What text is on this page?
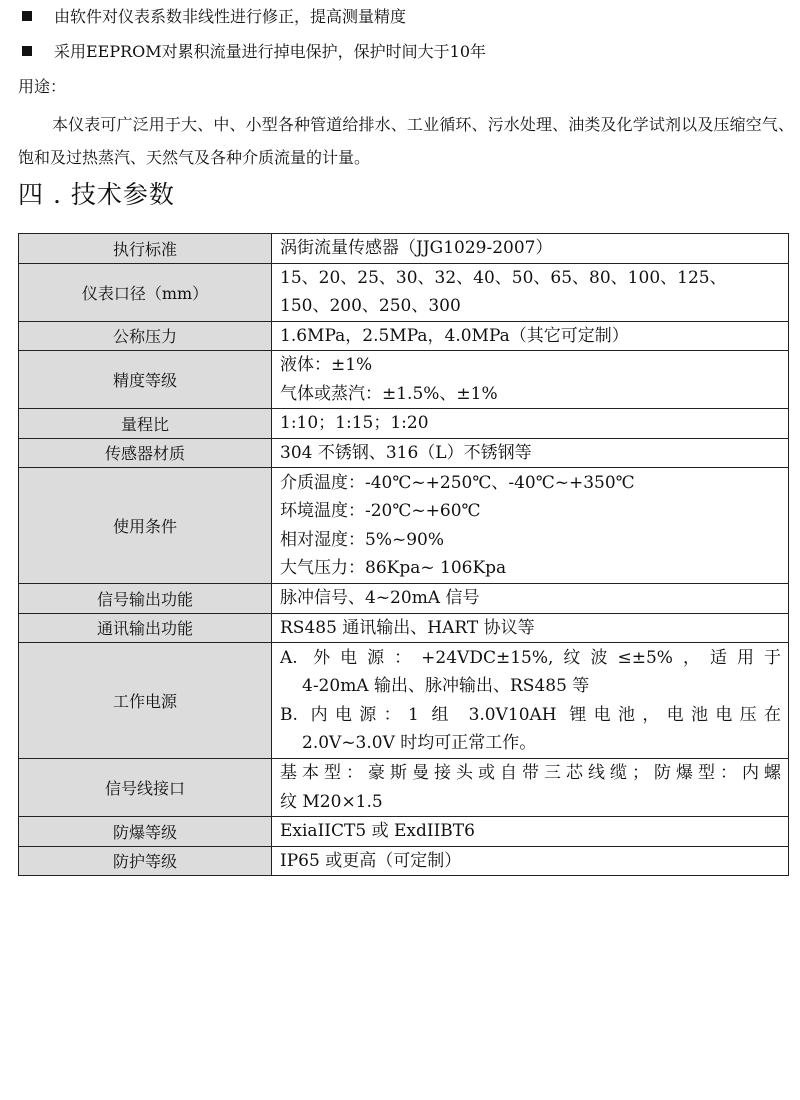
由软件对仪表系数非线性进行修正，提高测量精度
采用EEPROM对累积流量进行掉电保护，保护时间大于10年
用途：

本仪表可广泛用于大、中、小型各种管道给排水、工业循环、污水处理、油类及化学试剂以及压缩空气、饱和及过热蒸汽、天然气及各种介质流量的计量。

四 . 技术参数
执行标准	涡街流量传感器（JJG1029-2007）

仪表口径（mm）	15、20、25、30、32、40、50、65、80、100、125、
150、200、250、300

公称压力	1.6MPa，2.5MPa，4.0MPa（其它可定制）

精度等级	液体：±1%
气体或蒸汽：±1.5%、±1%

量程比	1:10；1:15；1:20

传感器材质	304 不锈钢、316（L）不锈钢等

使用条件	介质温度：-40℃~+250℃、-40℃~+350℃
环境温度：-20℃~+60℃
相对湿度：5%~90%
大气压力：86Kpa~ 106Kpa

信号输出功能	脉冲信号、4~20mA 信号

通讯输出功能	RS485 通讯输出、HART 协议等

工作电源	A. 外电源：+24VDC±15%,纹波≤±5%，适用于
4-20mA 输出、脉冲输出、RS485 等
B. 内电源：1 组 3.0V10AH 锂电池，电池电压在
2.0V~3.0V 时均可正常工作。

信号线接口	基本型：豪斯曼接头或自带三芯线缆；防爆型：内螺
纹 M20×1.5

防爆等级	ExiaIICT5 或 ExdIIBT6

防护等级	IP65 或更高（可定制）
